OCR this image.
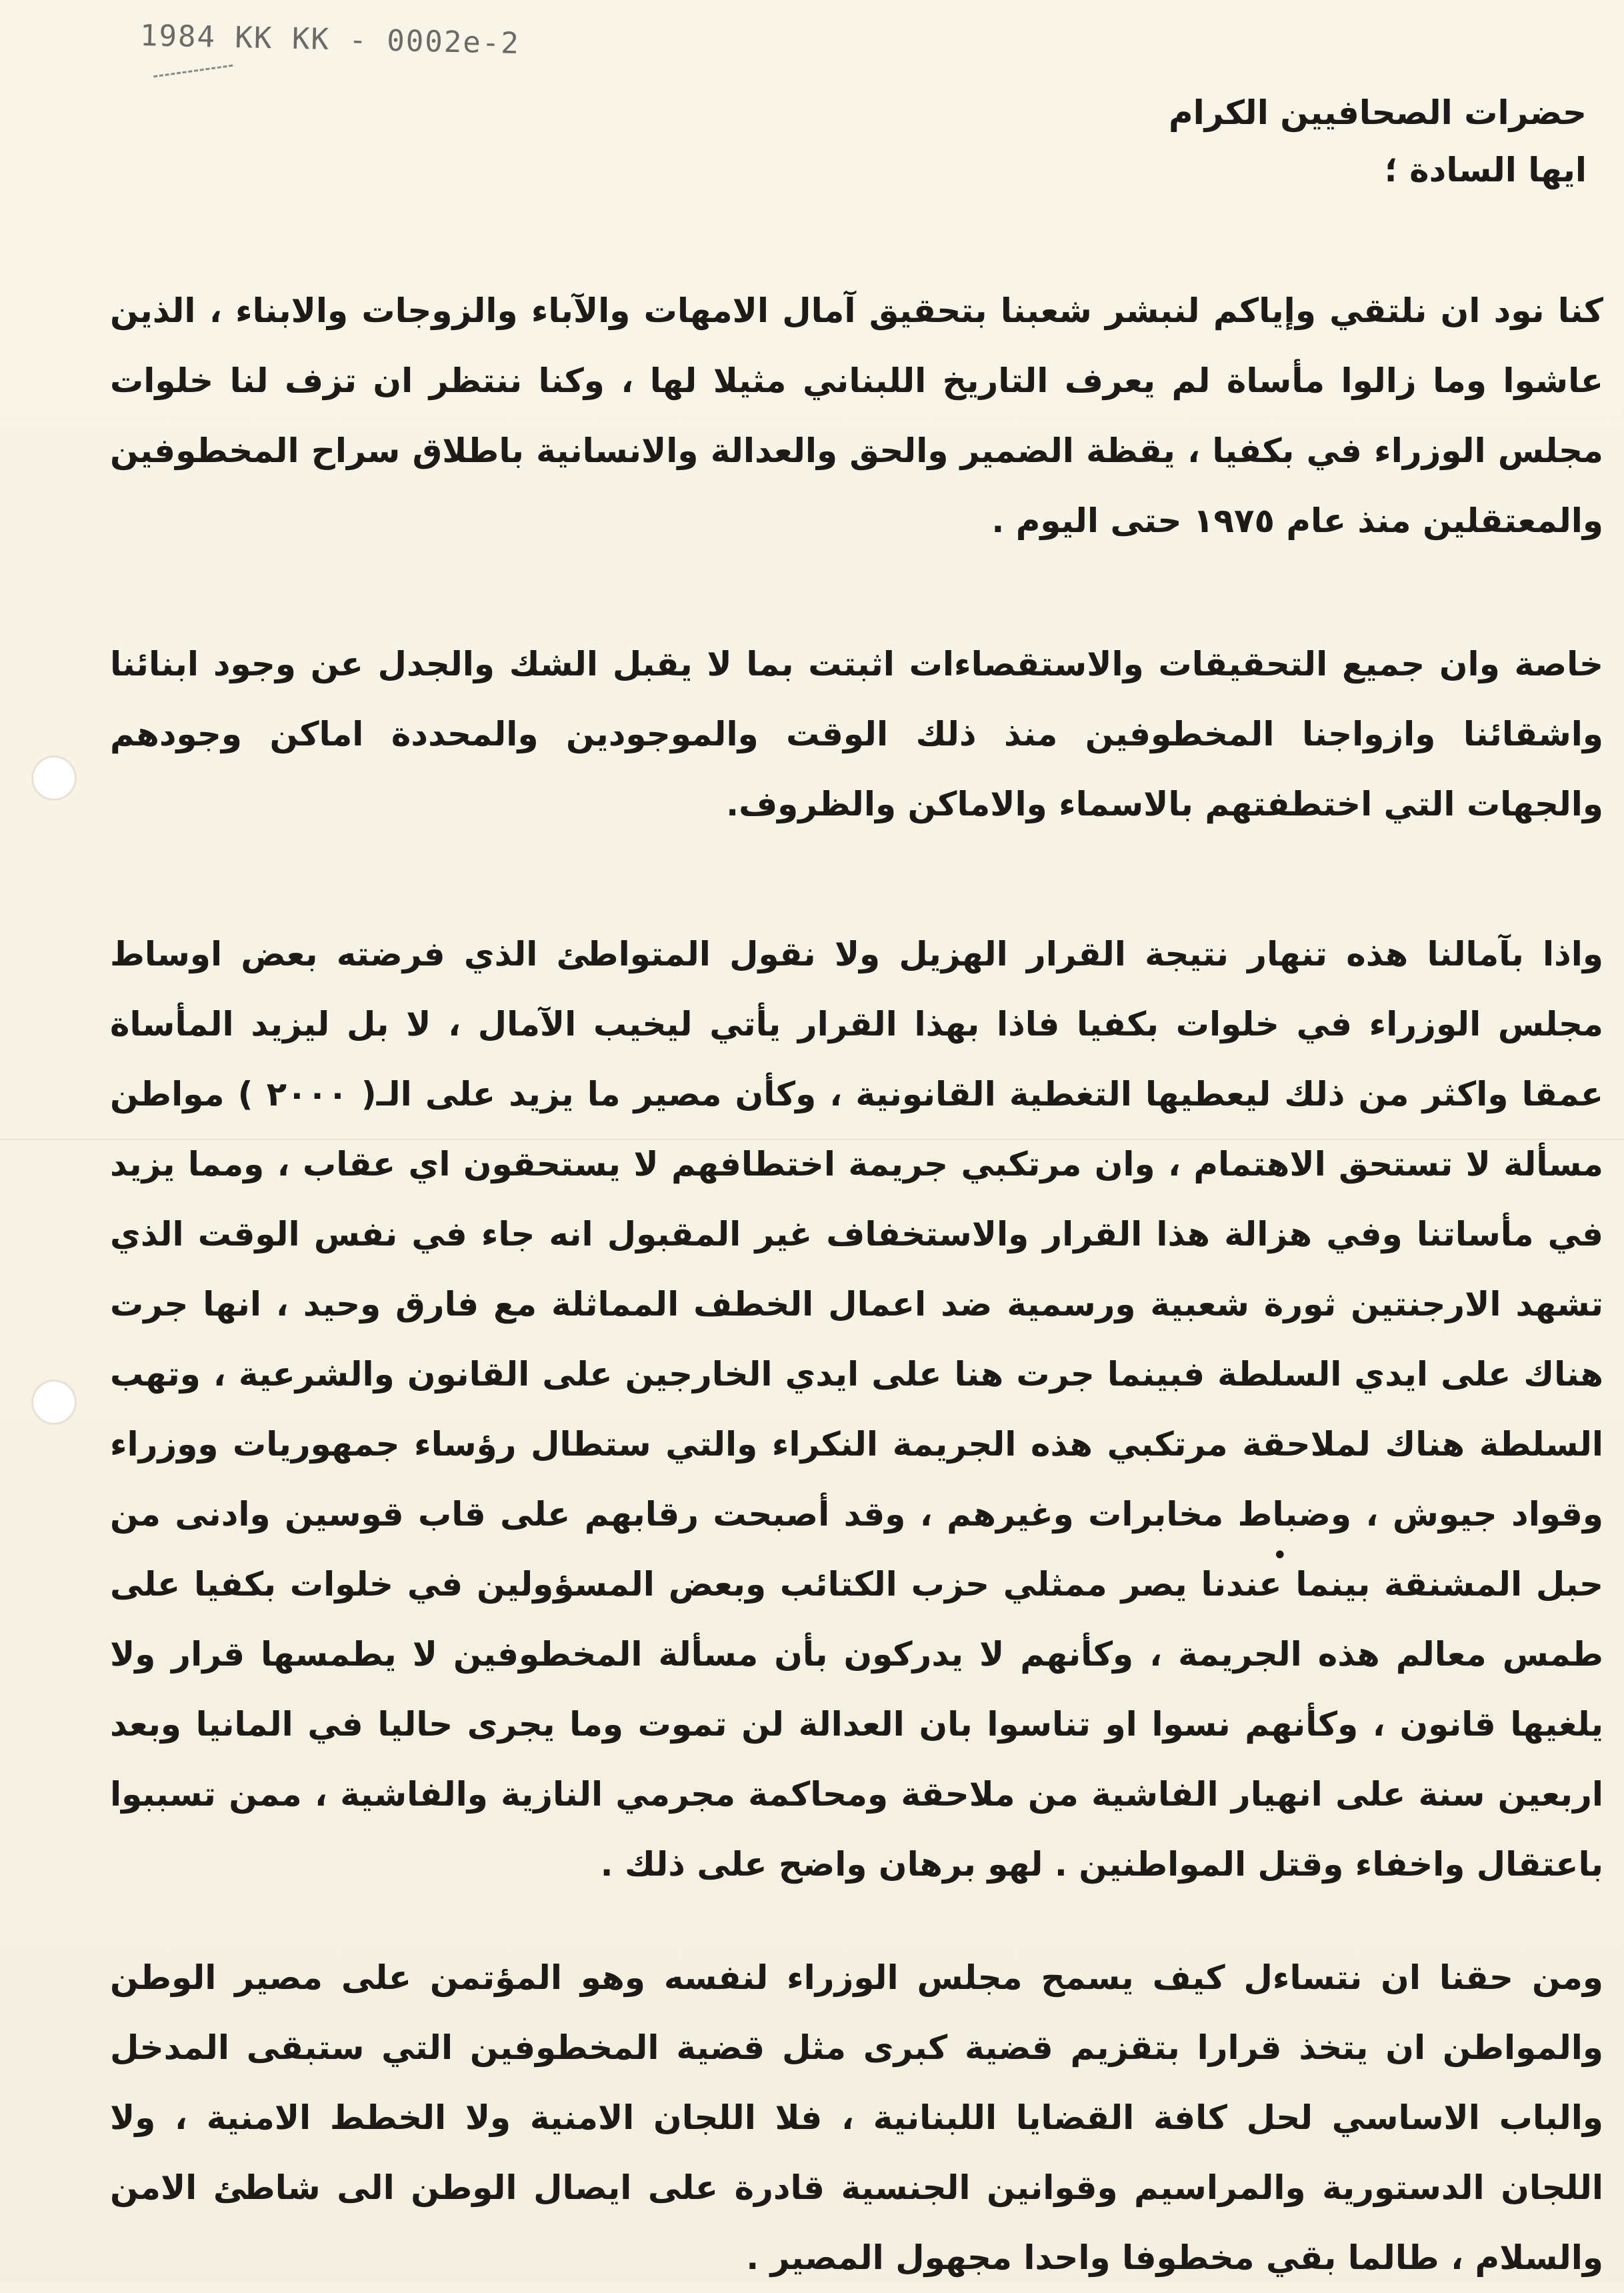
1984 KK KK - 0002e-2
حضرات الصحافيين الكرام
ايها السادة ؛

كنا نود ان نلتقي وإياكم لنبشر شعبنا بتحقيق آمال الامهات والآباء والزوجات والابناء ، الذين عاشوا وما زالوا مأساة لم يعرف التاريخ اللبناني مثيلا لها ، وكنا ننتظر ان تزف لنا خلوات مجلس الوزراء في بكفيا ، يقظة الضمير والحق والعدالة والانسانية باطلاق سراح المخطوفين والمعتقلين منذ عام ١٩٧٥ حتى اليوم .

خاصة وان جميع التحقيقات والاستقصاءات اثبتت بما لا يقبل الشك والجدل عن وجود ابنائنا واشقائنا وازواجنا المخطوفين منذ ذلك الوقت والموجودين والمحددة اماكن وجودهم والجهات التي اختطفتهم بالاسماء والاماكن والظروف.

واذا بآمالنا هذه تنهار نتيجة القرار الهزيل ولا نقول المتواطئ الذي فرضته بعض اوساط مجلس الوزراء في خلوات بكفيا فاذا بهذا القرار يأتي ليخيب الآمال ، لا بل ليزيد المأساة عمقا واكثر من ذلك ليعطيها التغطية القانونية ، وكأن مصير ما يزيد على الـ( ٢٠٠٠ ) مواطن مسألة لا تستحق الاهتمام ، وان مرتكبي جريمة اختطافهم لا يستحقون اي عقاب ، ومما يزيد في مأساتنا وفي هزالة هذا القرار والاستخفاف غير المقبول انه جاء في نفس الوقت الذي تشهد الارجنتين ثورة شعبية ورسمية ضد اعمال الخطف المماثلة مع فارق وحيد ، انها جرت هناك على ايدي السلطة فبينما جرت هنا على ايدي الخارجين على القانون والشرعية ، وتهب السلطة هناك لملاحقة مرتكبي هذه الجريمة النكراء والتي ستطال رؤساء جمهوريات ووزراء وقواد جيوش ، وضباط مخابرات وغيرهم ، وقد أصبحت رقابهم على قاب قوسين وادنى من حبل المشنقة بينما عندنا يصر ممثلي حزب الكتائب وبعض المسؤولين في خلوات بكفيا على طمس معالم هذه الجريمة ، وكأنهم لا يدركون بأن مسألة المخطوفين لا يطمسها قرار ولا يلغيها قانون ، وكأنهم نسوا او تناسوا بان العدالة لن تموت وما يجرى حاليا في المانيا وبعد اربعين سنة على انهيار الفاشية من ملاحقة ومحاكمة مجرمي النازية والفاشية ، ممن تسببوا باعتقال واخفاء وقتل المواطنين . لهو برهان واضح على ذلك .

ومن حقنا ان نتساءل كيف يسمح مجلس الوزراء لنفسه وهو المؤتمن على مصير الوطن والمواطن ان يتخذ قرارا بتقزيم قضية كبرى مثل قضية المخطوفين التي ستبقى المدخل والباب الاساسي لحل كافة القضايا اللبنانية ، فلا اللجان الامنية ولا الخطط الامنية ، ولا اللجان الدستورية والمراسيم وقوانين الجنسية قادرة على ايصال الوطن الى شاطئ الامن والسلام ، طالما بقي مخطوفا واحدا مجهول المصير .

•
